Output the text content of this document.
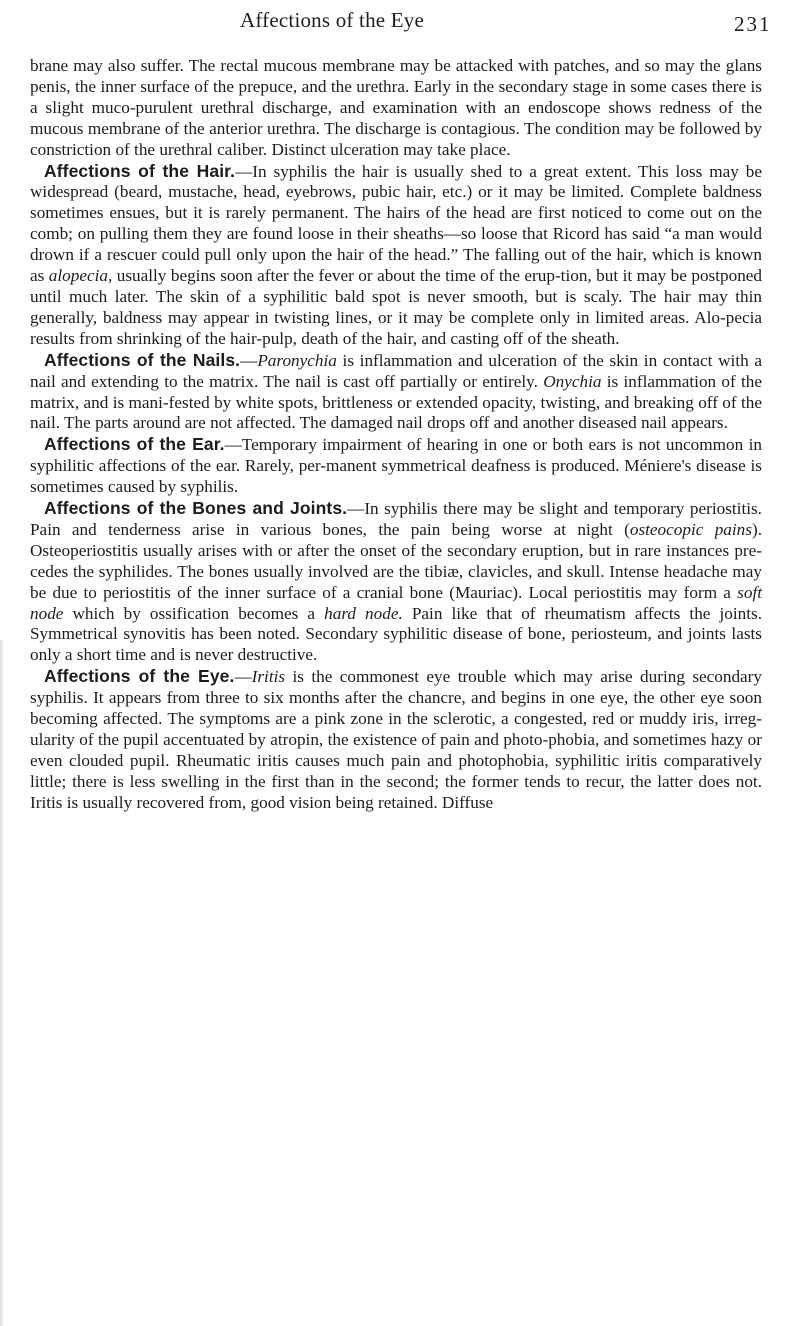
Affections of the Eye	231

brane may also suffer. The rectal mucous membrane may be attacked with patches, and so may the glans penis, the inner surface of the prepuce, and the urethra. Early in the secondary stage in some cases there is a slight muco-purulent urethral discharge, and examination with an endoscope shows redness of the mucous membrane of the anterior urethra. The discharge is contagious. The condition may be followed by constriction of the urethral caliber. Distinct ulceration may take place.

Affections of the Hair.—In syphilis the hair is usually shed to a great extent. This loss may be widespread (beard, mustache, head, eyebrows, pubic hair, etc.) or it may be limited. Complete baldness sometimes ensues, but it is rarely permanent. The hairs of the head are first noticed to come out on the comb; on pulling them they are found loose in their sheaths—so loose that Ricord has said “a man would drown if a rescuer could pull only upon the hair of the head.” The falling out of the hair, which is known as alopecia, usually begins soon after the fever or about the time of the erup-tion, but it may be postponed until much later. The skin of a syphilitic bald spot is never smooth, but is scaly. The hair may thin generally, baldness may appear in twisting lines, or it may be complete only in limited areas. Alo-pecia results from shrinking of the hair-pulp, death of the hair, and casting off of the sheath.

Affections of the Nails.—Paronychia is inflammation and ulceration of the skin in contact with a nail and extending to the matrix. The nail is cast off partially or entirely. Onychia is inflammation of the matrix, and is mani-fested by white spots, brittleness or extended opacity, twisting, and breaking off of the nail. The parts around are not affected. The damaged nail drops off and another diseased nail appears.

Affections of the Ear.—Temporary impairment of hearing in one or both ears is not uncommon in syphilitic affections of the ear. Rarely, per-manent symmetrical deafness is produced. Méniere's disease is sometimes caused by syphilis.

Affections of the Bones and Joints.—In syphilis there may be slight and temporary periostitis. Pain and tenderness arise in various bones, the pain being worse at night (osteocopic pains). Osteoperiostitis usually arises with or after the onset of the secondary eruption, but in rare instances pre-cedes the syphilides. The bones usually involved are the tibiæ, clavicles, and skull. Intense headache may be due to periostitis of the inner surface of a cranial bone (Mauriac). Local periostitis may form a soft node which by ossification becomes a hard node. Pain like that of rheumatism affects the joints. Symmetrical synovitis has been noted. Secondary syphilitic disease of bone, periosteum, and joints lasts only a short time and is never destructive.

Affections of the Eye.—Iritis is the commonest eye trouble which may arise during secondary syphilis. It appears from three to six months after the chancre, and begins in one eye, the other eye soon becoming affected. The symptoms are a pink zone in the sclerotic, a congested, red or muddy iris, irreg-ularity of the pupil accentuated by atropin, the existence of pain and photo-phobia, and sometimes hazy or even clouded pupil. Rheumatic iritis causes much pain and photophobia, syphilitic iritis comparatively little; there is less swelling in the first than in the second; the former tends to recur, the latter does not. Iritis is usually recovered from, good vision being retained. Diffuse
